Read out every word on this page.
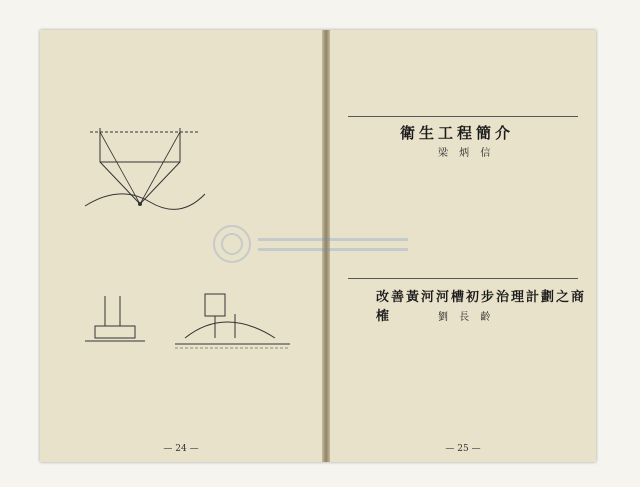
— 24 —
衛生工程簡介
梁 炳 信
改善黃河河槽初步治理計劃之商榷	劉 長 齡
— 25 —
